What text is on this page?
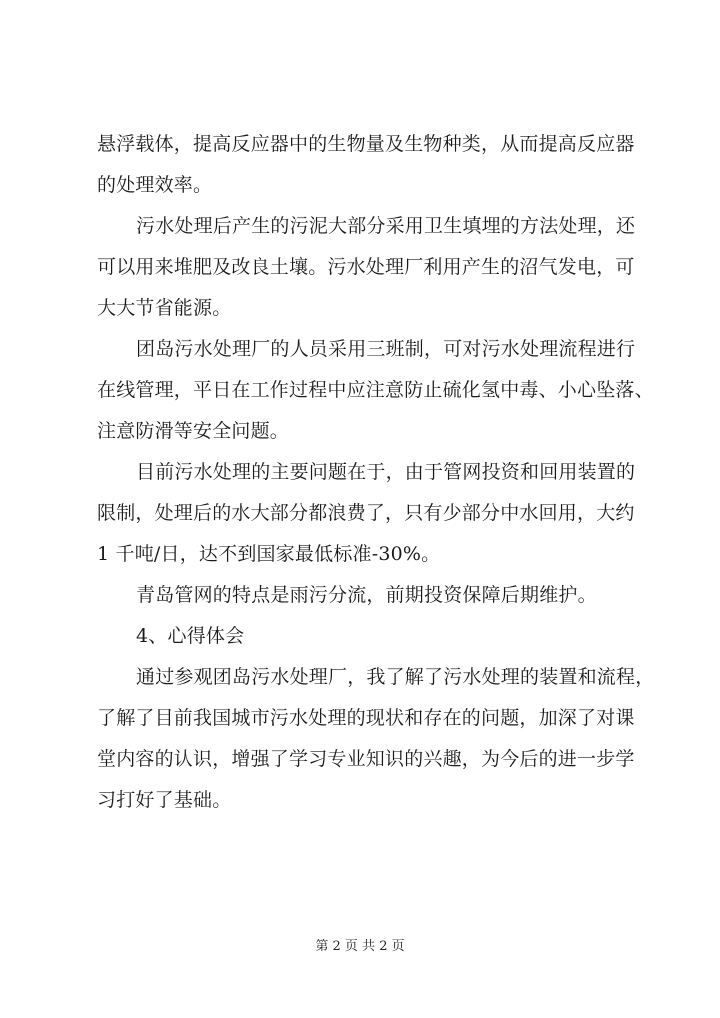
悬浮载体，提高反应器中的生物量及生物种类，从而提高反应器
的处理效率。
污水处理后产生的污泥大部分采用卫生填埋的方法处理，还
可以用来堆肥及改良土壤。污水处理厂利用产生的沼气发电，可
大大节省能源。
团岛污水处理厂的人员采用三班制，可对污水处理流程进行
在线管理，平日在工作过程中应注意防止硫化氢中毒、小心坠落、
注意防滑等安全问题。
目前污水处理的主要问题在于，由于管网投资和回用装置的
限制，处理后的水大部分都浪费了，只有少部分中水回用，大约
1 千吨/日，达不到国家最低标准-30%。
青岛管网的特点是雨污分流，前期投资保障后期维护。
4、心得体会
通过参观团岛污水处理厂，我了解了污水处理的装置和流程，
了解了目前我国城市污水处理的现状和存在的问题，加深了对课
堂内容的认识，增强了学习专业知识的兴趣，为今后的进一步学
习打好了基础。
第 2 页 共 2 页
